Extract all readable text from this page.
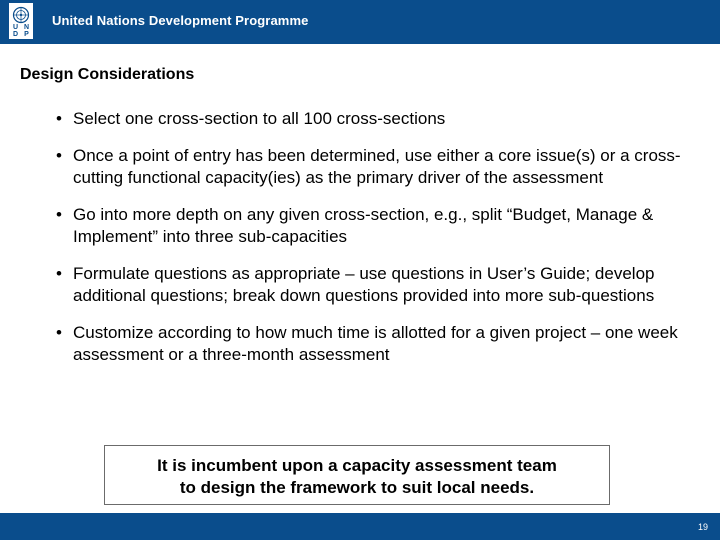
U N
D P
United Nations Development Programme
Design Considerations
• Select one cross-section to all 100 cross-sections
• Once a point of entry has been determined, use either a core issue(s) or a cross-cutting functional capacity(ies) as the primary driver of the assessment
• Go into more depth on any given cross-section, e.g., split “Budget, Manage & Implement” into three sub-capacities
• Formulate questions as appropriate – use questions in User’s Guide; develop additional questions; break down questions provided into more sub-questions
• Customize according to how much time is allotted for a given project – one week assessment or a three-month assessment
It is incumbent upon a capacity assessment team
to design the framework to suit local needs.
19
